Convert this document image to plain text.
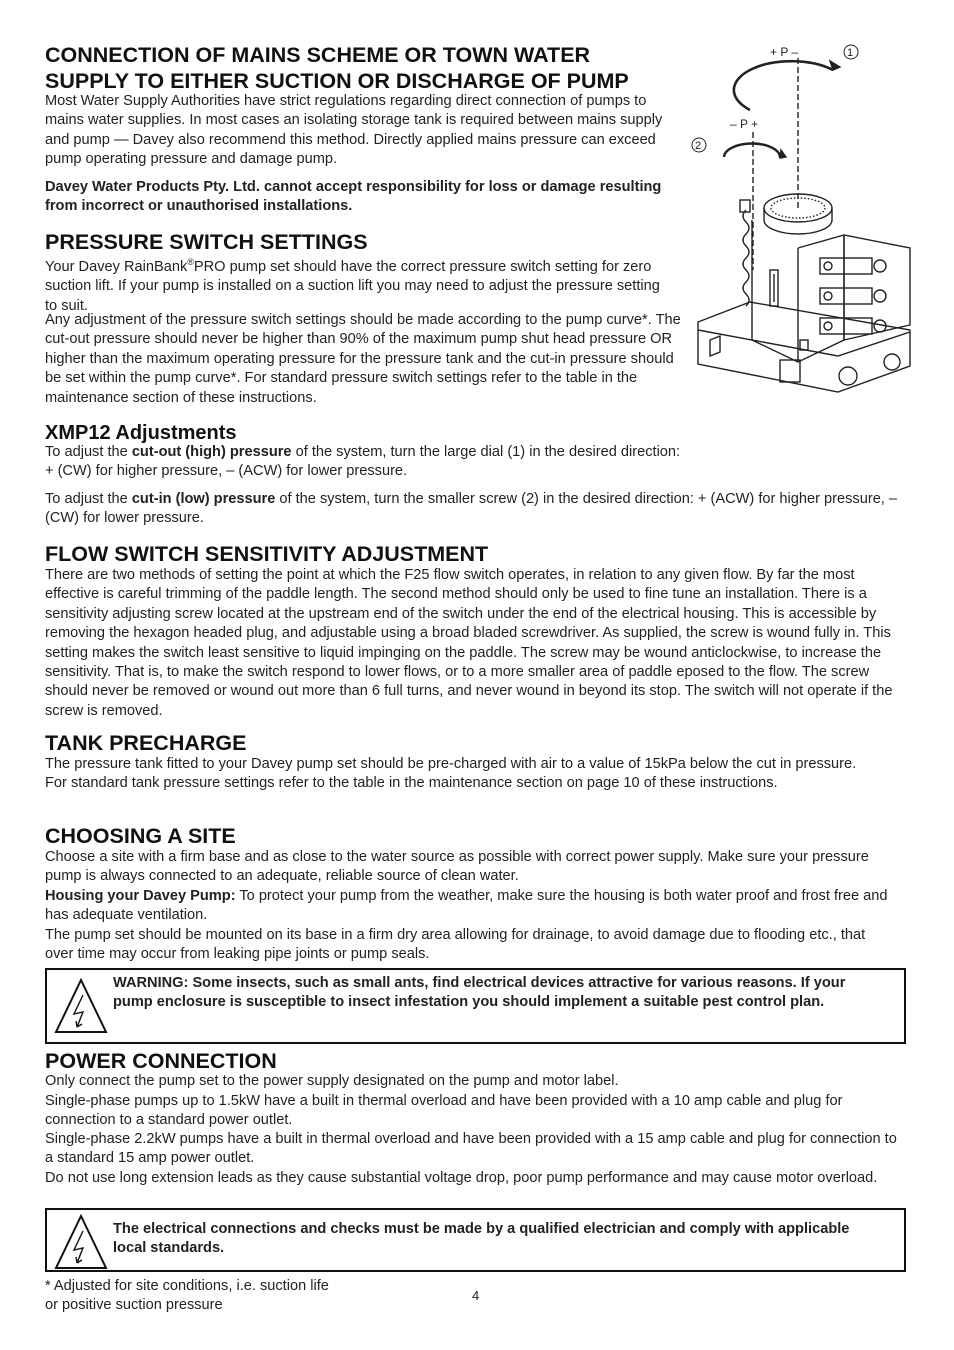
CONNECTION OF MAINS SCHEME OR TOWN WATER
SUPPLY TO EITHER SUCTION OR DISCHARGE OF PUMP

Most Water Supply Authorities have strict regulations regarding direct connection of pumps to mains water supplies. In most cases an isolating storage tank is required between mains supply and pump — Davey also recommend this method. Directly applied mains pressure can exceed pump operating pressure and damage pump.

Davey Water Products Pty. Ltd. cannot accept responsibility for loss or damage resulting from incorrect or unauthorised installations.

PRESSURE SWITCH SETTINGS

Your Davey RainBank®PRO pump set should have the correct pressure switch setting for zero suction lift. If your pump is installed on a suction lift you may need to adjust the pressure setting to suit.

Any adjustment of the pressure switch settings should be made according to the pump curve*. The cut-out pressure should never be higher than 90% of the maximum pump shut head pressure OR higher than the maximum operating pressure for the pressure tank and the cut-in pressure should be set within the pump curve*. For standard pressure switch settings refer to the table in the maintenance section of these instructions.

+ P –	1
– P +
2
XMP12 Adjustments

To adjust the cut-out (high) pressure of the system, turn the large dial (1) in the desired direction: + (CW) for higher pressure, – (ACW) for lower pressure.

To adjust the cut-in (low) pressure of the system, turn the smaller screw (2) in the desired direction: + (ACW) for higher pressure, – (CW) for lower pressure.

FLOW SWITCH SENSITIVITY ADJUSTMENT

There are two methods of setting the point at which the F25 flow switch operates, in relation to any given flow. By far the most effective is careful trimming of the paddle length. The second method should only be used to fine tune an installation. There is a sensitivity adjusting screw located at the upstream end of the switch under the end of the electrical housing. This is accessible by removing the hexagon headed plug, and adjustable using a broad bladed screwdriver. As supplied, the screw is wound fully in. This setting makes the switch least sensitive to liquid impinging on the paddle. The screw may be wound anticlockwise, to increase the sensitivity. That is, to make the switch respond to lower flows, or to a more smaller area of paddle eposed to the flow. The screw should never be removed or wound out more than 6 full turns, and never wound in beyond its stop. The switch will not operate if the screw is removed.

TANK PRECHARGE

The pressure tank fitted to your Davey pump set should be pre-charged with air to a value of 15kPa below the cut in pressure. For standard tank pressure settings refer to the table in the maintenance section on page 10 of these instructions.

CHOOSING A SITE

Choose a site with a firm base and as close to the water source as possible with correct power supply. Make sure your pressure pump is always connected to an adequate, reliable source of clean water.

Housing your Davey Pump: To protect your pump from the weather, make sure the housing is both water proof and frost free and has adequate ventilation.

The pump set should be mounted on its base in a firm dry area allowing for drainage, to avoid damage due to flooding etc., that over time may occur from leaking pipe joints or pump seals.

WARNING: Some insects, such as small ants, find electrical devices attractive for various reasons. If your pump enclosure is susceptible to insect infestation you should implement a suitable pest control plan.

POWER CONNECTION

Only connect the pump set to the power supply designated on the pump and motor label.

Single-phase pumps up to 1.5kW have a built in thermal overload and have been provided with a 10 amp cable and plug for connection to a standard power outlet.

Single-phase 2.2kW pumps have a built in thermal overload and have been provided with a 15 amp cable and plug for connection to a standard 15 amp power outlet.

Do not use long extension leads as they cause substantial voltage drop, poor pump performance and may cause motor overload.

The electrical connections and checks must be made by a qualified electrician and comply with applicable local standards.

* Adjusted for site conditions, i.e. suction life or positive suction pressure

4
